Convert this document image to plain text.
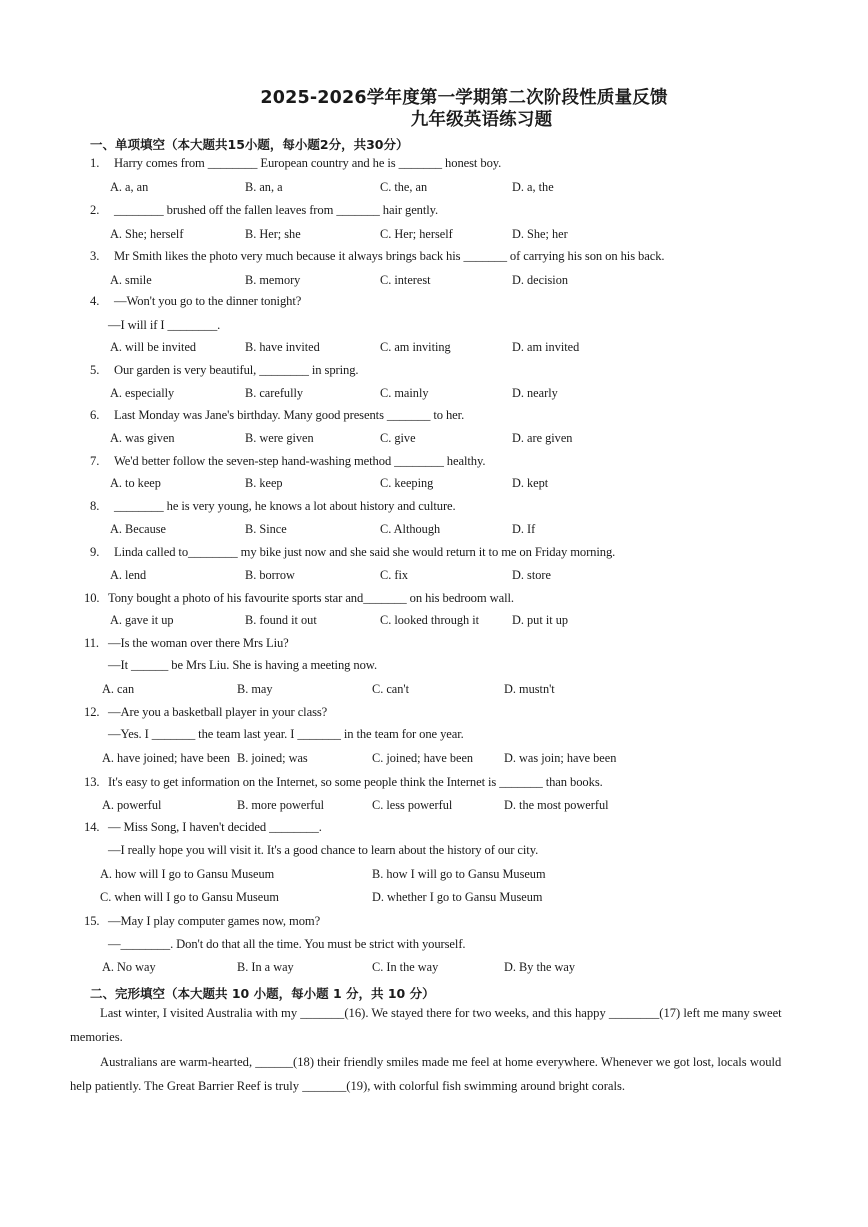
2025-2026学年度第一学期第二次阶段性质量反馈
九年级英语练习题
一、单项填空（本大题共15小题，每小题2分，共30分）
1. Harry comes from ________ European country and he is _______ honest boy.
A. a, an	B. an, a	C. the, an	D. a, the
2. ________ brushed off the fallen leaves from _______ hair gently.
A. She; herself	B. Her; she	C. Her; herself	D. She; her
3. Mr Smith likes the photo very much because it always brings back his _______ of carrying his son on his back.
A. smile	B. memory	C. interest	D. decision
4. —Won't you go to the dinner tonight?
—I will if I ________.
A. will be invited	B. have invited	C. am inviting	D. am invited
5. Our garden is very beautiful, ________ in spring.
A. especially	B. carefully	C. mainly	D. nearly
6. Last Monday was Jane's birthday. Many good presents _______ to her.
A. was given	B. were given	C. give	D. are given
7. We'd better follow the seven-step hand-washing method ________ healthy.
A. to keep	B. keep	C. keeping	D. kept
8. ________ he is very young, he knows a lot about history and culture.
A. Because	B. Since	C. Although	D. If
9. Linda called to________ my bike just now and she said she would return it to me on Friday morning.
A. lend	B. borrow	C. fix	D. store
10. Tony bought a photo of his favourite sports star and_______ on his bedroom wall.
A. gave it up	B. found it out	C. looked through it	D. put it up
11. —Is the woman over there Mrs Liu?
—It ______ be Mrs Liu. She is having a meeting now.
A. can	B. may	C. can't	D. mustn't
12. —Are you a basketball player in your class?
—Yes. I _______ the team last year. I _______ in the team for one year.
A. have joined; have been B. joined; was	C. joined; have been	D. was join; have been
13. It's easy to get information on the Internet, so some people think the Internet is _______ than books.
A. powerful	B. more powerful	C. less powerful	D. the most powerful
14. — Miss Song, I haven't decided ________.
—I really hope you will visit it. It's a good chance to learn about the history of our city.
A. how will I go to Gansu Museum	B. how I will go to Gansu Museum
C. when will I go to Gansu Museum	D. whether I go to Gansu Museum
15. —May I play computer games now, mom?
—________. Don't do that all the time. You must be strict with yourself.
A. No way	B. In a way	C. In the way	D. By the way
二、完形填空（本大题共 10 小题，每小题 1 分，共 10 分）
Last winter, I visited Australia with my _______(16). We stayed there for two weeks, and this happy ________(17) left me many sweet
memories.
Australians are warm-hearted, ______(18) their friendly smiles made me feel at home everywhere. Whenever we got lost, locals would
help patiently. The Great Barrier Reef is truly _______(19), with colorful fish swimming around bright corals.
